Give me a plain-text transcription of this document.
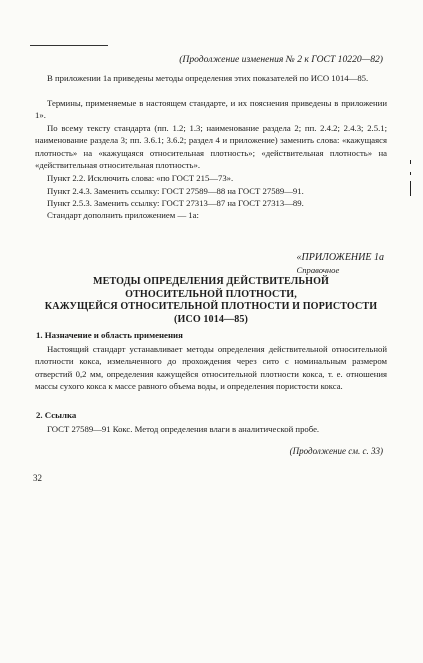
(Продолжение изменения № 2 к ГОСТ 10220—82)

В приложении 1а приведены методы определения этих показателей по ИСО 1014—85.

Термины, применяемые в настоящем стандарте, и их пояснения приведены в приложении 1».

По всему тексту стандарта (пп. 1.2; 1.3; наименование раздела 2; пп. 2.4.2; 2.4.3; 2.5.1; наименование раздела 3; пп. 3.6.1; 3.6.2; раздел 4 и приложение) заменить слова: «кажущаяся плотность» на «кажущаяся относительная плотность»; «действительная плотность» на «действительная относительная плотность».

Пункт 2.2. Исключить слова: «по ГОСТ 215—73».

Пункт 2.4.3. Заменить ссылку: ГОСТ 27589—88 на ГОСТ 27589—91.

Пункт 2.5.3. Заменить ссылку: ГОСТ 27313—87 на ГОСТ 27313—89.

Стандарт дополнить приложением — 1а:

«ПРИЛОЖЕНИЕ 1а
Справочное
МЕТОДЫ ОПРЕДЕЛЕНИЯ ДЕЙСТВИТЕЛЬНОЙ
ОТНОСИТЕЛЬНОЙ ПЛОТНОСТИ,
КАЖУЩЕЙСЯ ОТНОСИТЕЛЬНОЙ ПЛОТНОСТИ И ПОРИСТОСТИ
(ИСО 1014—85)
1. Назначение и область применения

Настоящий стандарт устанавливает методы определения действительной относительной плотности кокса, измельченного до прохождения через сито с номинальным размером отверстий 0,2 мм, определения кажущейся относительной плотности кокса, т. е. отношения массы сухого кокса к массе равного объема воды, и определения пористости кокса.

2. Ссылка

ГОСТ 27589—91 Кокс. Метод определения влаги в аналитической пробе.

(Продолжение см. с. 33)
32
